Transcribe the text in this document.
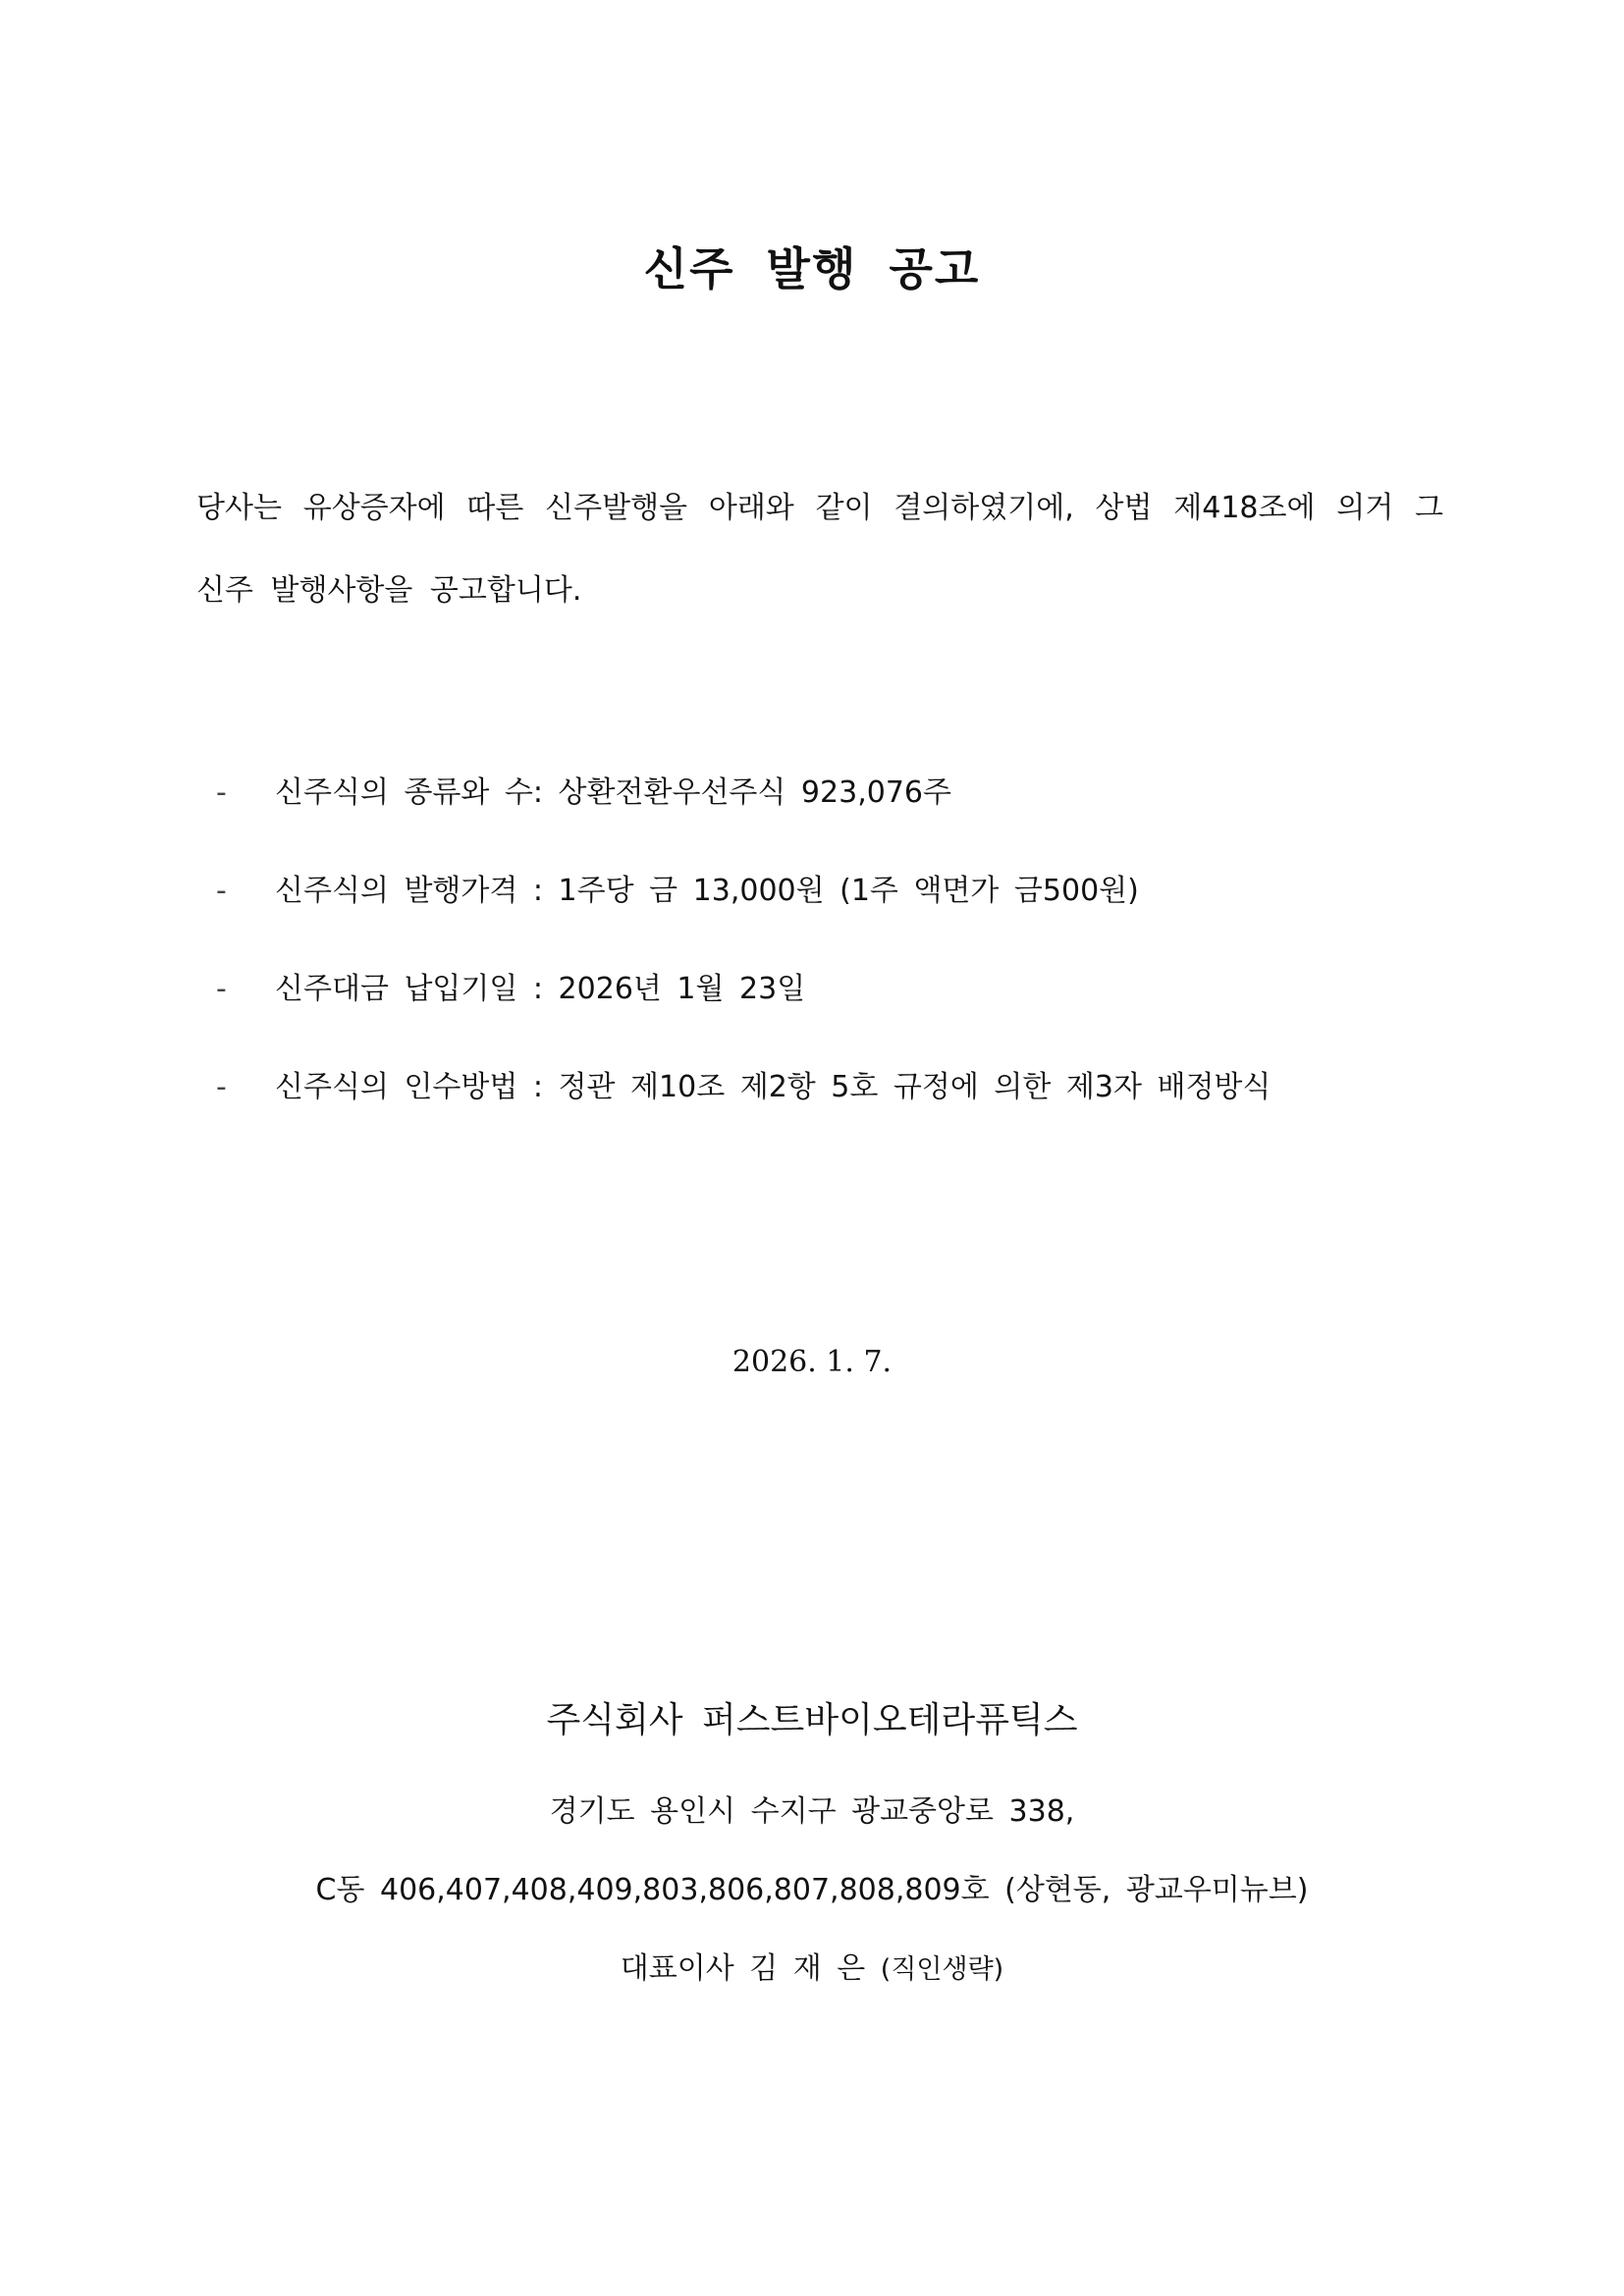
신주 발행 공고
당사는 유상증자에 따른 신주발행을 아래와 같이 결의하였기에, 상법 제418조에 의거 그 신주 발행사항을 공고합니다.
- 신주식의 종류와 수: 상환전환우선주식 923,076주
- 신주식의 발행가격 : 1주당 금 13,000원 (1주 액면가 금500원)
- 신주대금 납입기일 : 2026년 1월 23일
- 신주식의 인수방법 : 정관 제10조 제2항 5호 규정에 의한 제3자 배정방식
2026. 1. 7.
주식회사 퍼스트바이오테라퓨틱스
경기도 용인시 수지구 광교중앙로 338,
C동 406,407,408,409,803,806,807,808,809호 (상현동, 광교우미뉴브)
대표이사 김 재 은 (직인생략)
